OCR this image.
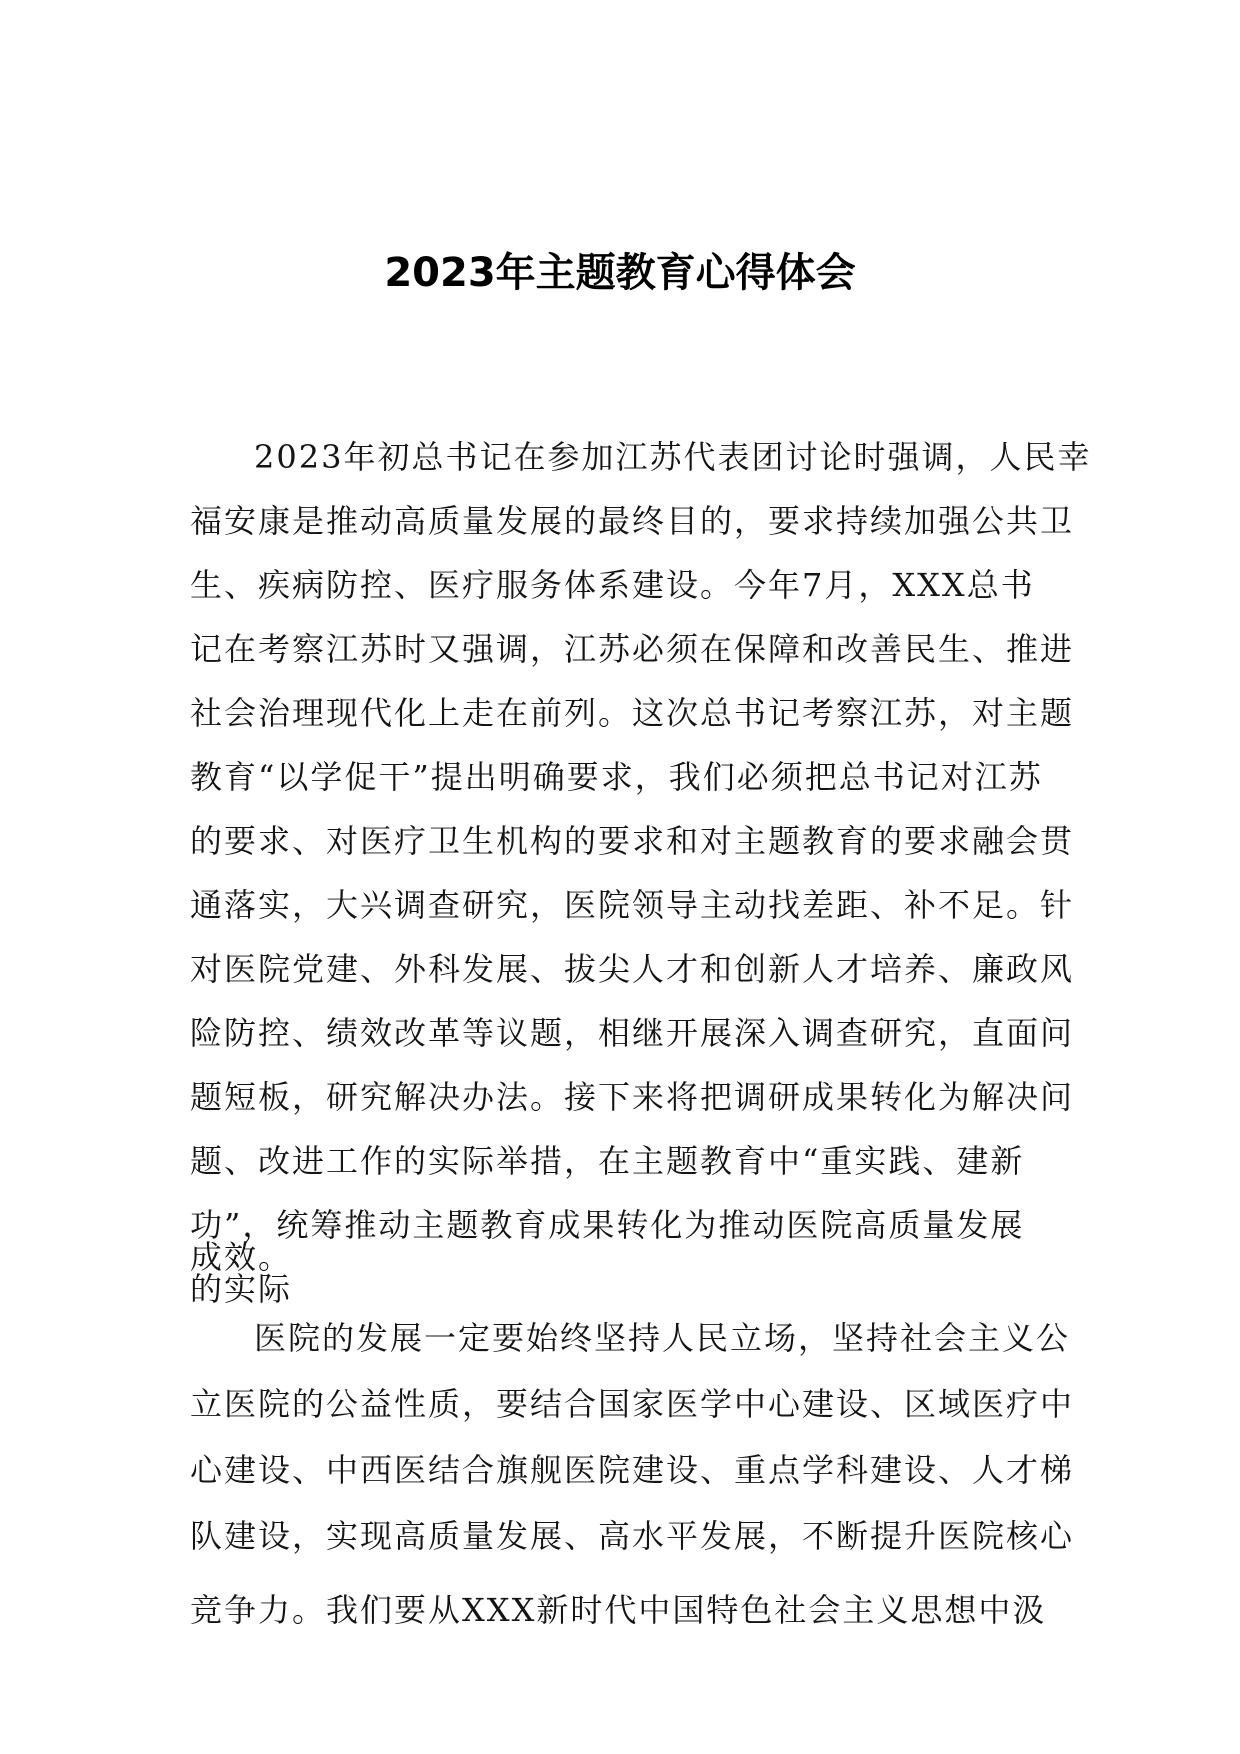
2023年主题教育心得体会
2023年初总书记在参加江苏代表团讨论时强调，人民幸
福安康是推动高质量发展的最终目的，要求持续加强公共卫
生、疾病防控、医疗服务体系建设。今年7月，XXX总书
记在考察江苏时又强调，江苏必须在保障和改善民生、推进
社会治理现代化上走在前列。这次总书记考察江苏，对主题
教育“以学促干”提出明确要求，我们必须把总书记对江苏
的要求、对医疗卫生机构的要求和对主题教育的要求融会贯
通落实，大兴调查研究，医院领导主动找差距、补不足。针
对医院党建、外科发展、拔尖人才和创新人才培养、廉政风
险防控、绩效改革等议题，相继开展深入调查研究，直面问
题短板，研究解决办法。接下来将把调研成果转化为解决问
题、改进工作的实际举措，在主题教育中“重实践、建新
功”，统筹推动主题教育成果转化为推动医院高质量发展
的实际
成效。
医院的发展一定要始终坚持人民立场，坚持社会主义公
立医院的公益性质，要结合国家医学中心建设、区域医疗中
心建设、中西医结合旗舰医院建设、重点学科建设、人才梯
队建设，实现高质量发展、高水平发展，不断提升医院核心
竞争力。我们要从XXX新时代中国特色社会主义思想中汲
